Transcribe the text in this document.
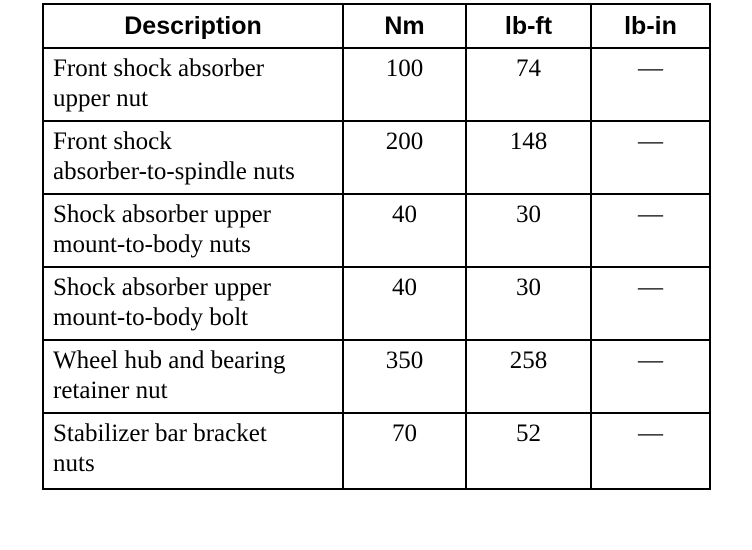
Description	Nm	lb-ft	lb-in
Front shock absorber
upper nut	100	74	—
Front shock
absorber-to-spindle nuts	200	148	—
Shock absorber upper
mount-to-body nuts	40	30	—
Shock absorber upper
mount-to-body bolt	40	30	—
Wheel hub and bearing
retainer nut	350	258	—
Stabilizer bar bracket
nuts	70	52	—
